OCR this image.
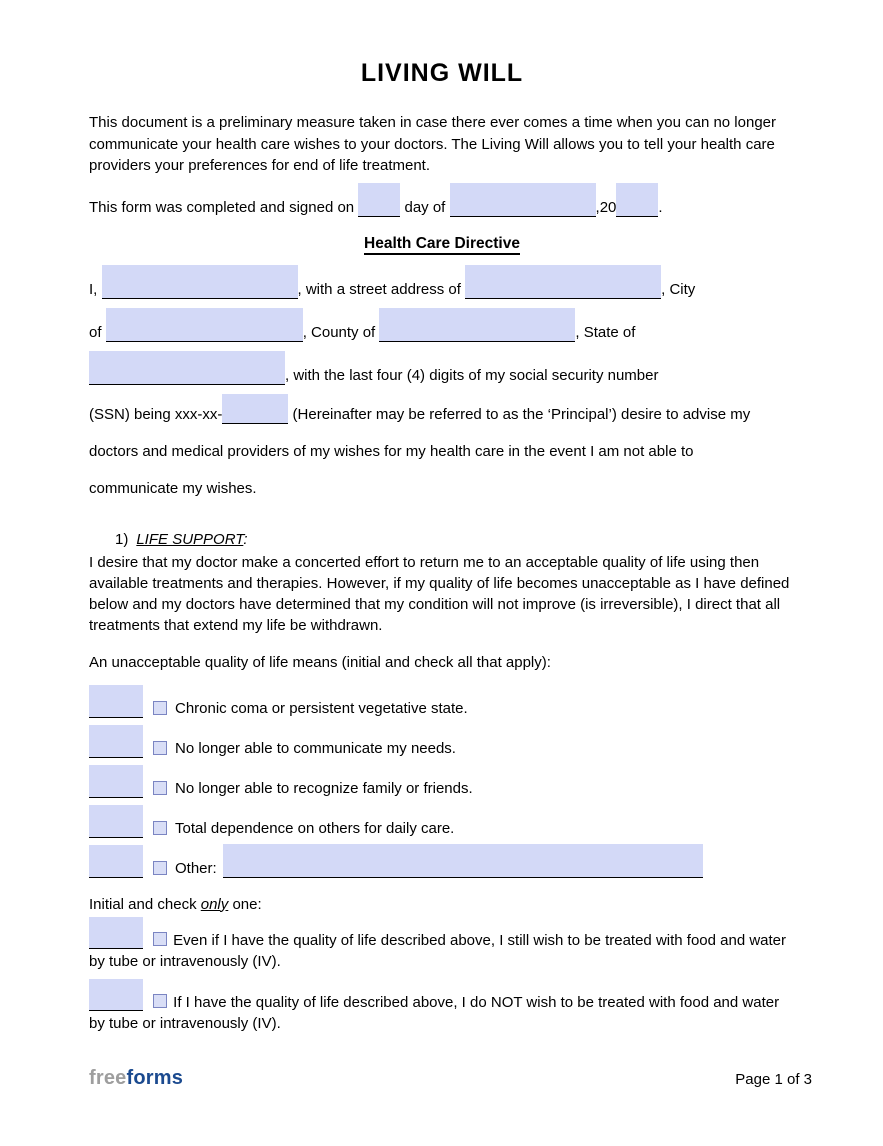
LIVING WILL

This document is a preliminary measure taken in case there ever comes a time when you can no longer communicate your health care wishes to your doctors. The Living Will allows you to tell your health care providers your preferences for end of life treatment.

This form was completed and signed on	day of	,20	.

Health Care Directive

I,	, with a street address of	, City

of	, County of	, State of

, with the last four (4) digits of my social security number

(SSN) being xxx-xx-	(Hereinafter may be referred to as the ‘Principal’) desire to advise my

doctors and medical providers of my wishes for my health care in the event I am not able to

communicate my wishes.

1) LIFE SUPPORT:

I desire that my doctor make a concerted effort to return me to an acceptable quality of life using then available treatments and therapies. However, if my quality of life becomes unacceptable as I have defined below and my doctors have determined that my condition will not improve (is irreversible), I direct that all treatments that extend my life be withdrawn.

An unacceptable quality of life means (initial and check all that apply):

Chronic coma or persistent vegetative state.
No longer able to communicate my needs.
No longer able to recognize family or friends.
Total dependence on others for daily care.
Other:

Initial and check only one:

Even if I have the quality of life described above, I still wish to be treated with food and water by tube or intravenously (IV).

If I have the quality of life described above, I do NOT wish to be treated with food and water by tube or intravenously (IV).

freeforms	Page 1 of 3
